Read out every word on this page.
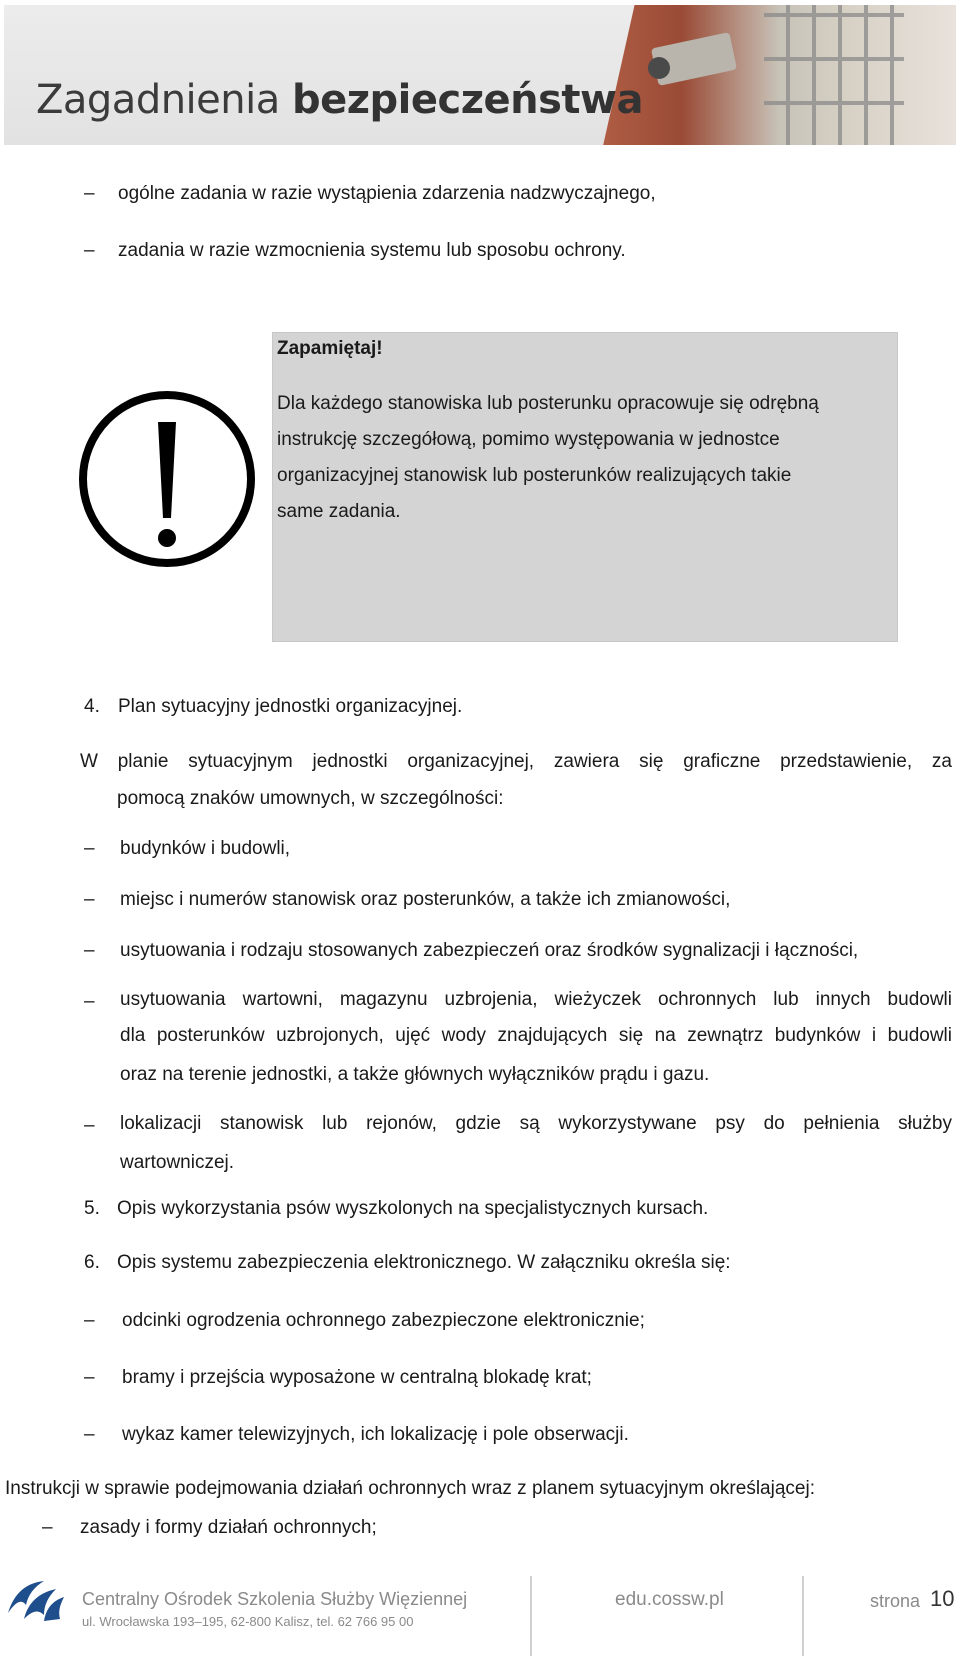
Zagadnienia bezpieczeństwa
– ogólne zadania w razie wystąpienia zdarzenia nadzwyczajnego,
– zadania w razie wzmocnienia systemu lub sposobu ochrony.
Zapamiętaj!
Dla każdego stanowiska lub posterunku opracowuje się odrębną
instrukcję szczegółową, pomimo występowania w jednostce
organizacyjnej stanowisk lub posterunków realizujących takie
same zadania.
4. Plan sytuacyjny jednostki organizacyjnej.
W planie sytuacyjnym jednostki organizacyjnej, zawiera się graficzne przedstawienie, za
pomocą znaków umownych, w szczególności:
– budynków i budowli,
– miejsc i numerów stanowisk oraz posterunków, a także ich zmianowości,
– usytuowania i rodzaju stosowanych zabezpieczeń oraz środków sygnalizacji i łączności,
– usytuowania wartowni, magazynu uzbrojenia, wieżyczek ochronnych lub innych budowli
dla posterunków uzbrojonych, ujęć wody znajdujących się na zewnątrz budynków i budowli
oraz na terenie jednostki, a także głównych wyłączników prądu i gazu.
– lokalizacji stanowisk lub rejonów, gdzie są wykorzystywane psy do pełnienia służby
wartowniczej.
5. Opis wykorzystania psów wyszkolonych na specjalistycznych kursach.
6. Opis systemu zabezpieczenia elektronicznego. W załączniku określa się:
– odcinki ogrodzenia ochronnego zabezpieczone elektronicznie;
– bramy i przejścia wyposażone w centralną blokadę krat;
– wykaz kamer telewizyjnych, ich lokalizację i pole obserwacji.
Instrukcji w sprawie podejmowania działań ochronnych wraz z planem sytuacyjnym określającej:
– zasady i formy działań ochronnych;
Centralny Ośrodek Szkolenia Służby Więziennej
ul. Wrocławska 193–195, 62-800 Kalisz, tel. 62 766 95 00
edu.cossw.pl	strona 10
